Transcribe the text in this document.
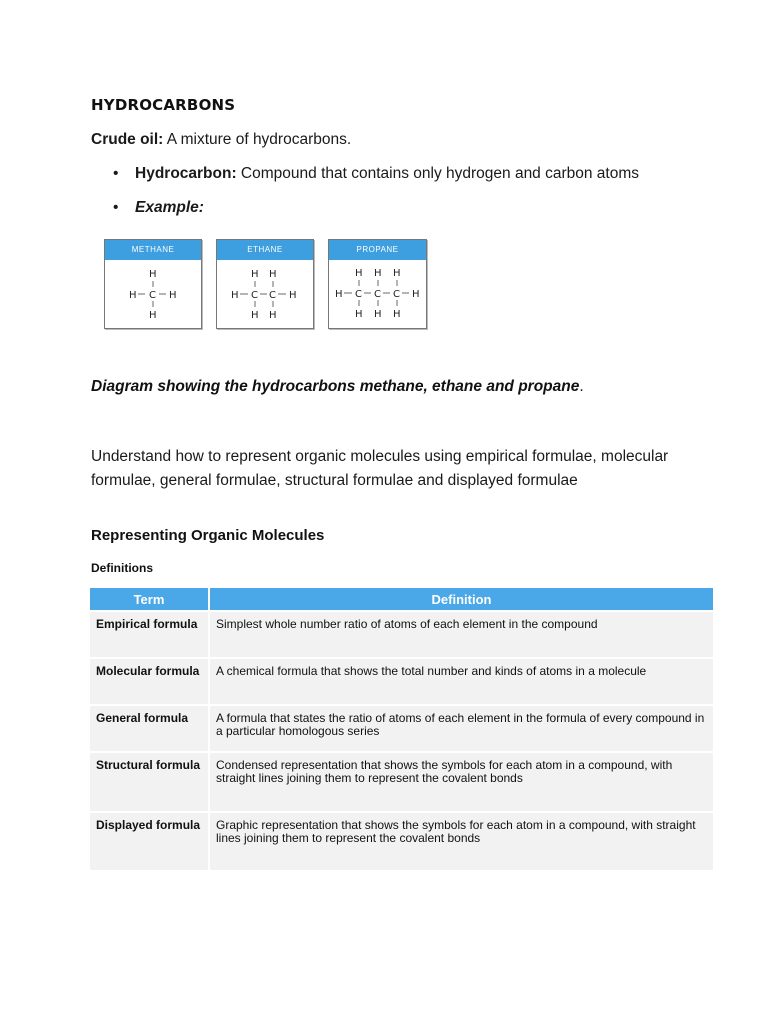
HYDROCARBONS
Crude oil: A mixture of hydrocarbons.
• Hydrocarbon: Compound that contains only hydrogen and carbon atoms
• Example:
METHANE
H
H C H
H
ETHANE
H H
H C C H
H H
PROPANE
H H H
H C C C H
H H H
Diagram showing the hydrocarbons methane, ethane and propane.
Understand how to represent organic molecules using empirical formulae, molecular formulae, general formulae, structural formulae and displayed formulae
Representing Organic Molecules
Definitions
Term	Definition
Empirical formula	Simplest whole number ratio of atoms of each element in the compound
Molecular formula	A chemical formula that shows the total number and kinds of atoms in a molecule
General formula	A formula that states the ratio of atoms of each element in the formula of every compound in a particular homologous series
Structural formula	Condensed representation that shows the symbols for each atom in a compound, with straight lines joining them to represent the covalent bonds
Displayed formula	Graphic representation that shows the symbols for each atom in a compound, with straight lines joining them to represent the covalent bonds
